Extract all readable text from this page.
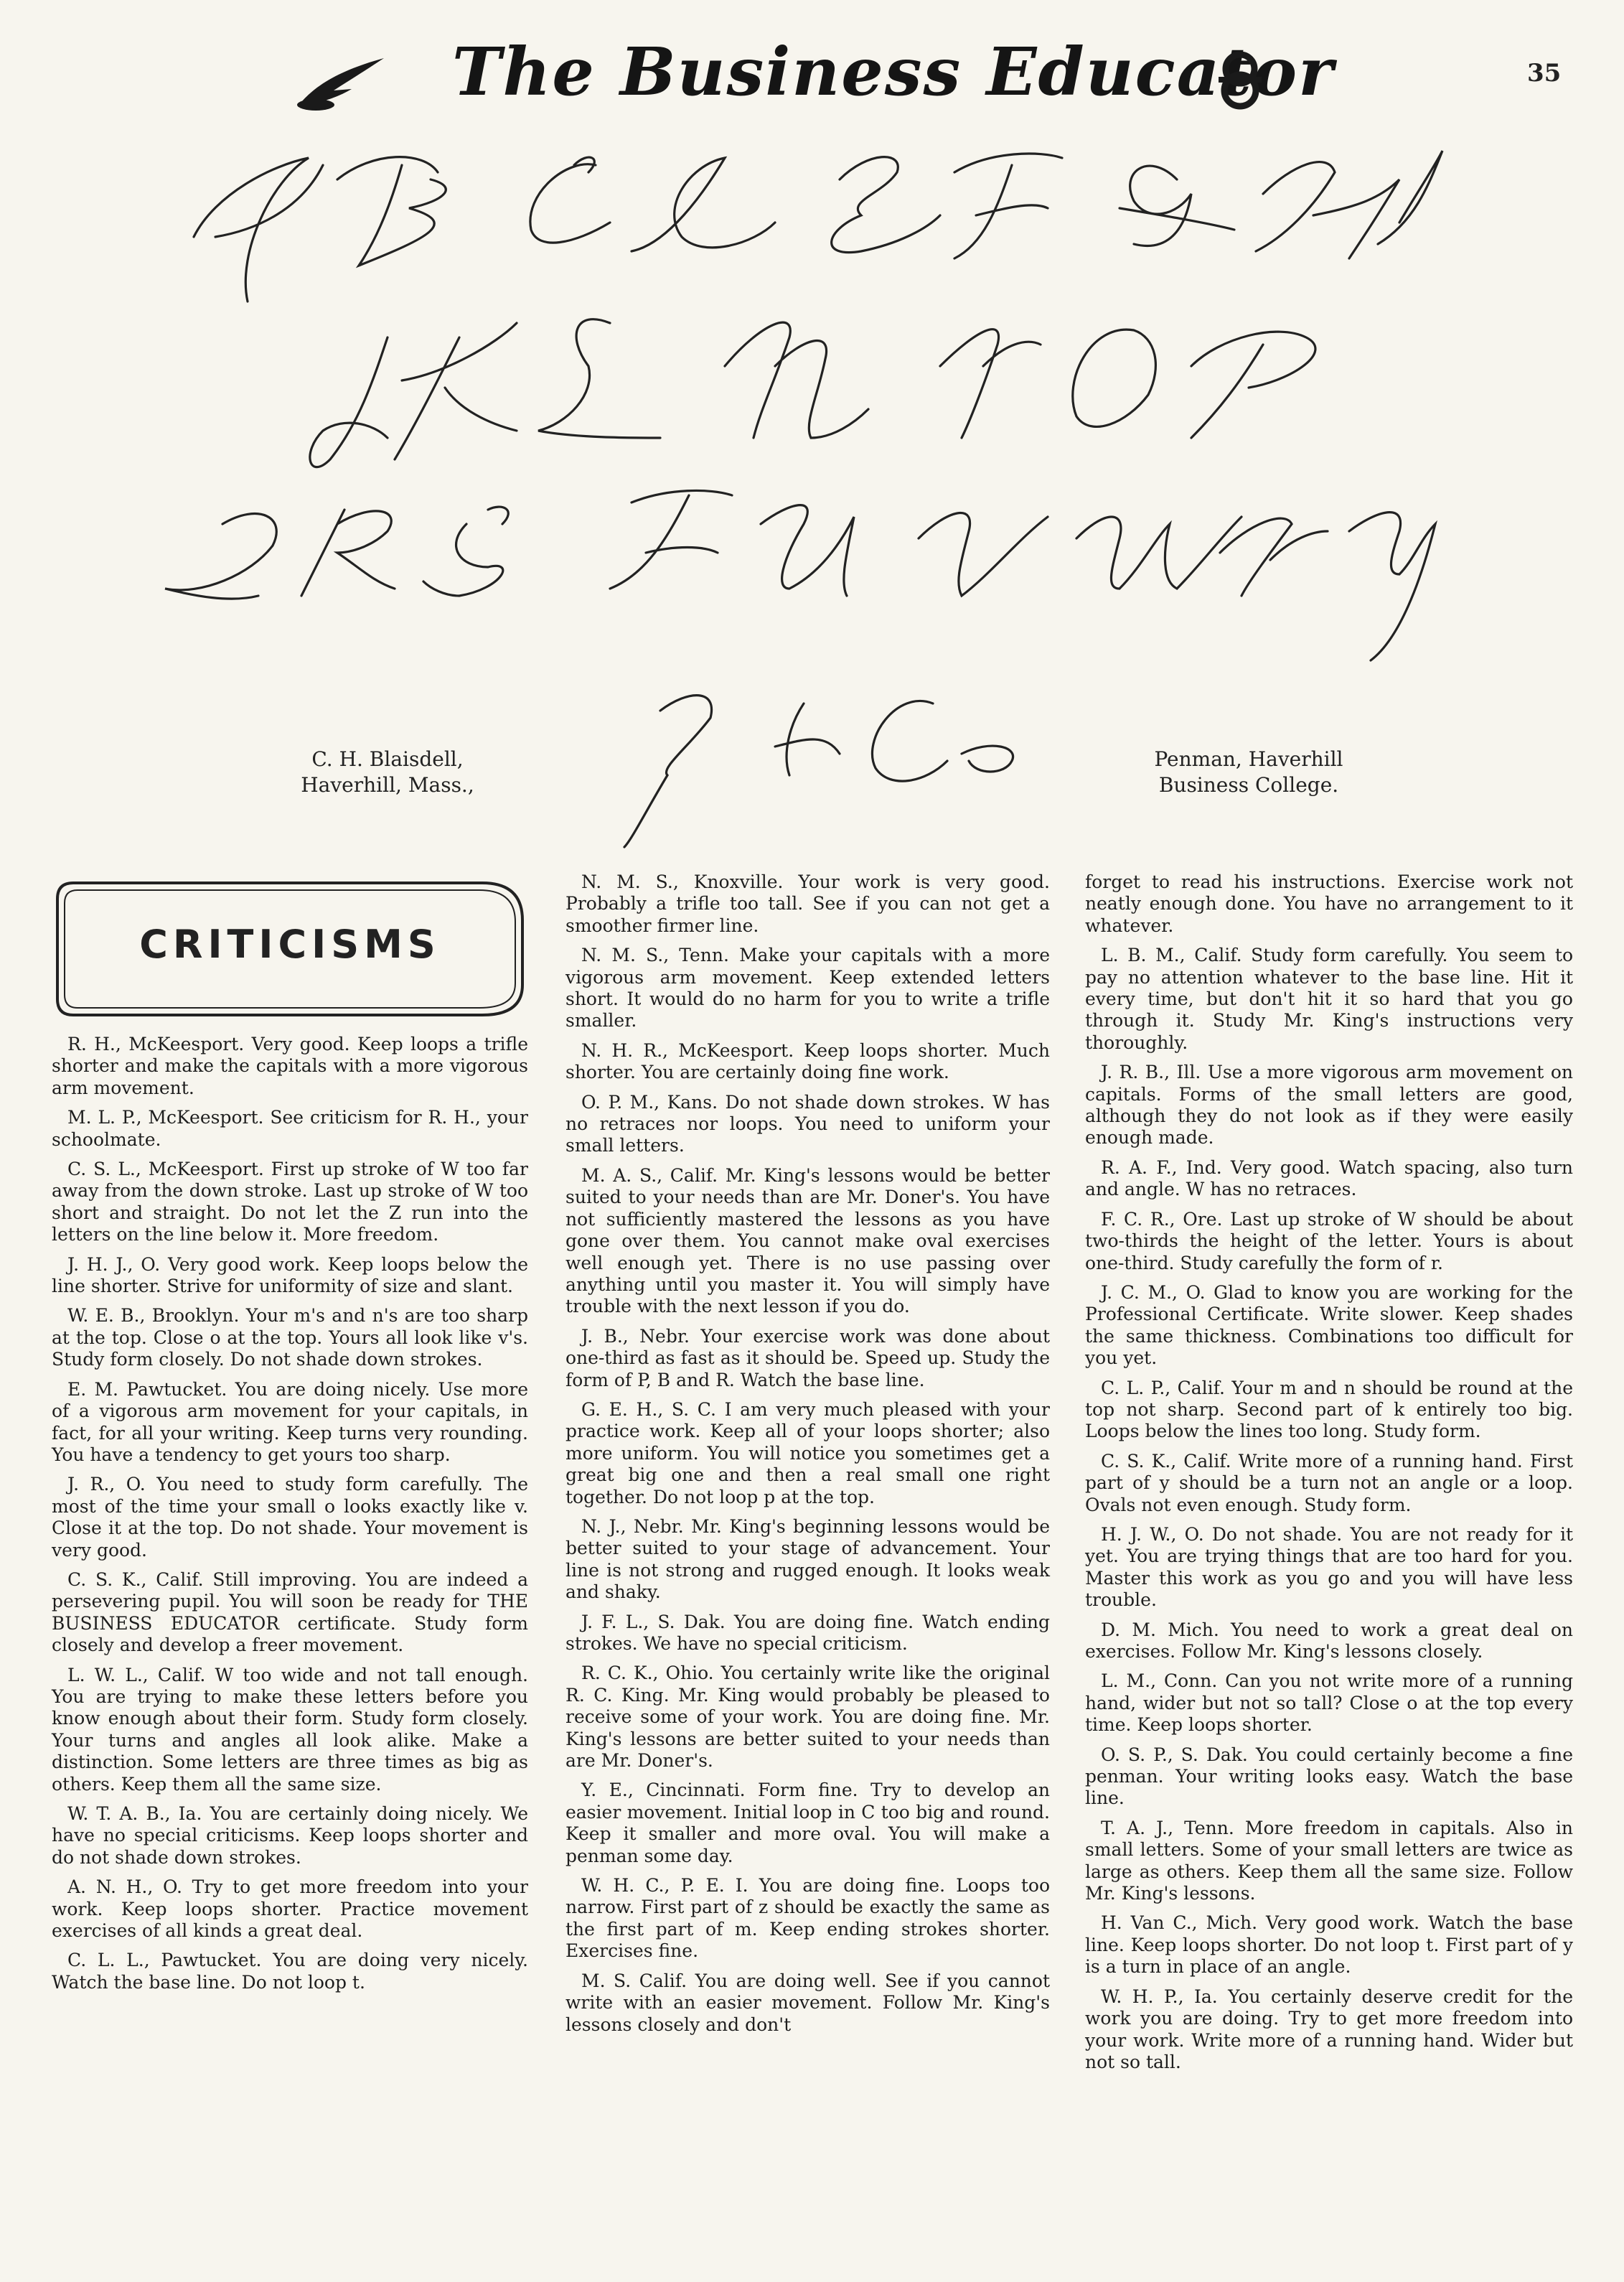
The Business Educator	35
C. H. Blaisdell,
Haverhill, Mass.,
Penman, Haverhill
Business College.
CRITICISMS

R. H., McKeesport. Very good. Keep loops a trifle shorter and make the capitals with a more vigorous arm movement.

M. L. P., McKeesport. See criticism for R. H., your schoolmate.

C. S. L., McKeesport. First up stroke of W too far away from the down stroke. Last up stroke of W too short and straight. Do not let the Z run into the letters on the line below it. More freedom.

J. H. J., O. Very good work. Keep loops below the line shorter. Strive for uniformity of size and slant.

W. E. B., Brooklyn. Your m's and n's are too sharp at the top. Close o at the top. Yours all look like v's. Study form closely. Do not shade down strokes.

E. M. Pawtucket. You are doing nicely. Use more of a vigorous arm movement for your capitals, in fact, for all your writing. Keep turns very rounding. You have a tendency to get yours too sharp.

J. R., O. You need to study form carefully. The most of the time your small o looks exactly like v. Close it at the top. Do not shade. Your movement is very good.

C. S. K., Calif. Still improving. You are indeed a persevering pupil. You will soon be ready for THE BUSINESS EDUCATOR certificate. Study form closely and develop a freer movement.

L. W. L., Calif. W too wide and not tall enough. You are trying to make these letters before you know enough about their form. Study form closely. Your turns and angles all look alike. Make a distinction. Some letters are three times as big as others. Keep them all the same size.

W. T. A. B., Ia. You are certainly doing nicely. We have no special criticisms. Keep loops shorter and do not shade down strokes.

A. N. H., O. Try to get more freedom into your work. Keep loops shorter. Practice movement exercises of all kinds a great deal.

C. L. L., Pawtucket. You are doing very nicely. Watch the base line. Do not loop t.

N. M. S., Knoxville. Your work is very good. Probably a trifle too tall. See if you can not get a smoother firmer line.

N. M. S., Tenn. Make your capitals with a more vigorous arm movement. Keep extended letters short. It would do no harm for you to write a trifle smaller.

N. H. R., McKeesport. Keep loops shorter. Much shorter. You are certainly doing fine work.

O. P. M., Kans. Do not shade down strokes. W has no retraces nor loops. You need to uniform your small letters.

M. A. S., Calif. Mr. King's lessons would be better suited to your needs than are Mr. Doner's. You have not sufficiently mastered the lessons as you have gone over them. You cannot make oval exercises well enough yet. There is no use passing over anything until you master it. You will simply have trouble with the next lesson if you do.

J. B., Nebr. Your exercise work was done about one-third as fast as it should be. Speed up. Study the form of P, B and R. Watch the base line.

G. E. H., S. C. I am very much pleased with your practice work. Keep all of your loops shorter; also more uniform. You will notice you sometimes get a great big one and then a real small one right together. Do not loop p at the top.

N. J., Nebr. Mr. King's beginning lessons would be better suited to your stage of advancement. Your line is not strong and rugged enough. It looks weak and shaky.

J. F. L., S. Dak. You are doing fine. Watch ending strokes. We have no special criticism.

R. C. K., Ohio. You certainly write like the original R. C. King. Mr. King would probably be pleased to receive some of your work. You are doing fine. Mr. King's lessons are better suited to your needs than are Mr. Doner's.

Y. E., Cincinnati. Form fine. Try to develop an easier movement. Initial loop in C too big and round. Keep it smaller and more oval. You will make a penman some day.

W. H. C., P. E. I. You are doing fine. Loops too narrow. First part of z should be exactly the same as the first part of m. Keep ending strokes shorter. Exercises fine.

M. S. Calif. You are doing well. See if you cannot write with an easier movement. Follow Mr. King's lessons closely and don't

forget to read his instructions. Exercise work not neatly enough done. You have no arrangement to it whatever.

L. B. M., Calif. Study form carefully. You seem to pay no attention whatever to the base line. Hit it every time, but don't hit it so hard that you go through it. Study Mr. King's instructions very thoroughly.

J. R. B., Ill. Use a more vigorous arm movement on capitals. Forms of the small letters are good, although they do not look as if they were easily enough made.

R. A. F., Ind. Very good. Watch spacing, also turn and angle. W has no retraces.

F. C. R., Ore. Last up stroke of W should be about two-thirds the height of the letter. Yours is about one-third. Study carefully the form of r.

J. C. M., O. Glad to know you are working for the Professional Certificate. Write slower. Keep shades the same thickness. Combinations too difficult for you yet.

C. L. P., Calif. Your m and n should be round at the top not sharp. Second part of k entirely too big. Loops below the lines too long. Study form.

C. S. K., Calif. Write more of a running hand. First part of y should be a turn not an angle or a loop. Ovals not even enough. Study form.

H. J. W., O. Do not shade. You are not ready for it yet. You are trying things that are too hard for you. Master this work as you go and you will have less trouble.

D. M. Mich. You need to work a great deal on exercises. Follow Mr. King's lessons closely.

L. M., Conn. Can you not write more of a running hand, wider but not so tall? Close o at the top every time. Keep loops shorter.

O. S. P., S. Dak. You could certainly become a fine penman. Your writing looks easy. Watch the base line.

T. A. J., Tenn. More freedom in capitals. Also in small letters. Some of your small letters are twice as large as others. Keep them all the same size. Follow Mr. King's lessons.

H. Van C., Mich. Very good work. Watch the base line. Keep loops shorter. Do not loop t. First part of y is a turn in place of an angle.

W. H. P., Ia. You certainly deserve credit for the work you are doing. Try to get more freedom into your work. Write more of a running hand. Wider but not so tall.
